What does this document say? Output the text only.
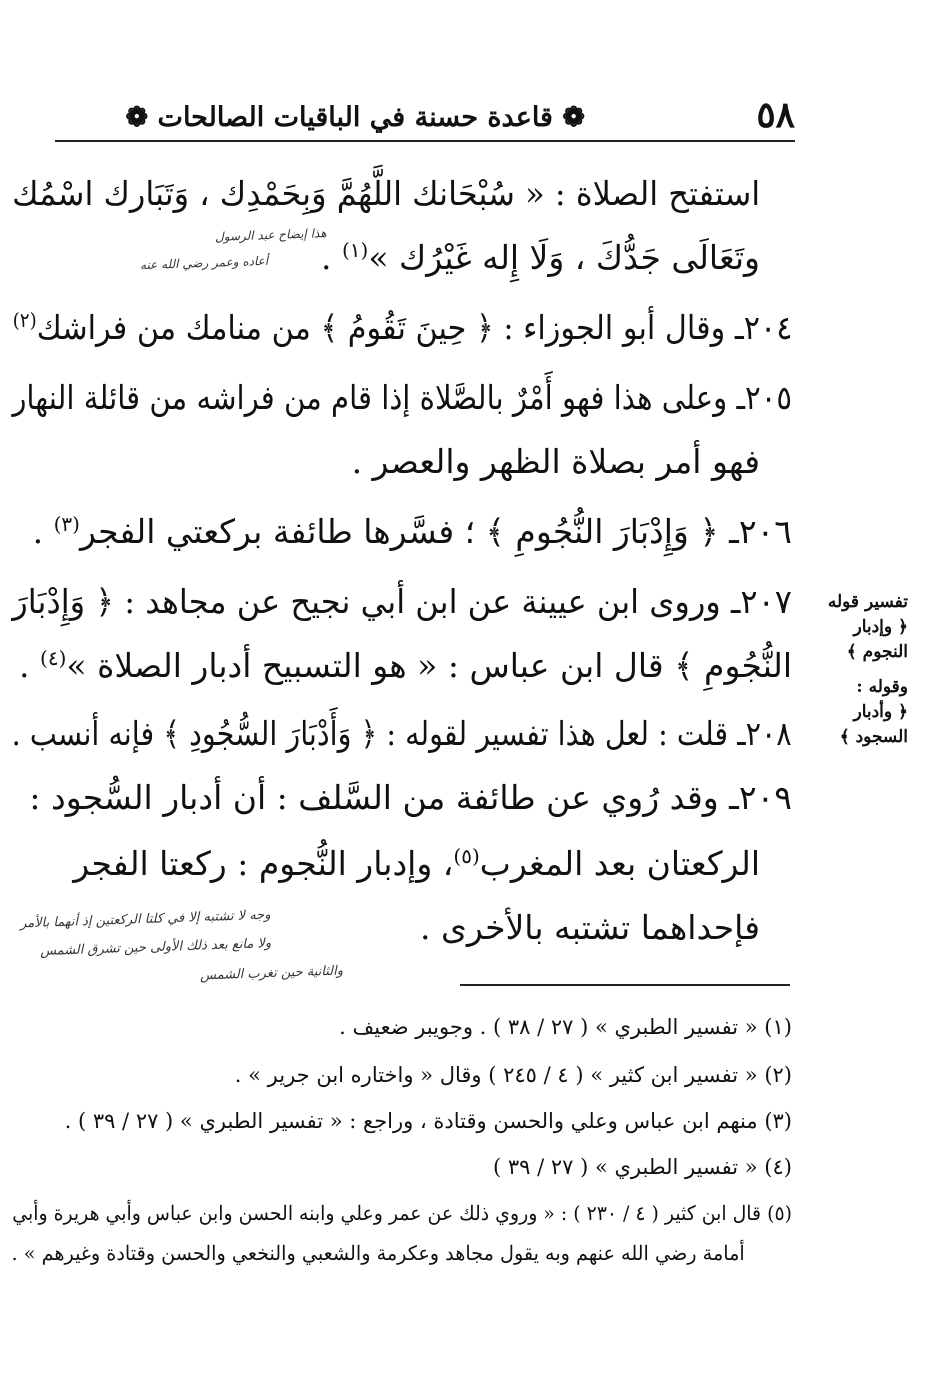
٥٨
❁ قاعدة حسنة في الباقيات الصالحات ❁
استفتح الصلاة : « سُبْحَانك اللَّهُمَّ وَبِحَمْدِك ، وَتَبَارك اسْمُك
وتَعَالَى جَدُّكَ ، وَلَا إِله غَيْرُك »$^{(١)}$ .
٢٠٤ـ وقال أبو الجوزاء : ﴿ حِينَ تَقُومُ ﴾ من منامك من فراشك$^{(٢)}$
٢٠٥ـ وعلى هذا فهو أَمْرٌ بالصَّلاة إذا قام من فراشه من قائلة النهار
فهو أمر بصلاة الظهر والعصر .
٢٠٦ـ ﴿ وَإِدْبَارَ النُّجُومِ ﴾ ؛ فسَّرها طائفة بركعتي الفجر$^{(٣)}$ .
٢٠٧ـ وروى ابن عيينة عن ابن أبي نجيح عن مجاهد : ﴿ وَإِدْبَارَ
النُّجُومِ ﴾ قال ابن عباس : « هو التسبيح أدبار الصلاة »$^{(٤)}$ .
٢٠٨ـ قلت : لعل هذا تفسير لقوله : ﴿ وَأَدْبَارَ السُّجُودِ ﴾ فإنه أنسب .
٢٠٩ـ وقد رُوي عن طائفة من السَّلف : أن أدبار السُّجود :
الركعتان بعد المغرب$^{(٥)}$، وإدبار النُّجوم : ركعتا الفجر
فإحداهما تشتبه بالأخرى .
تفسير قوله
﴿ وإدبار
النجوم ﴾
وقوله :
﴿ وأدبار
السجود ﴾
هذا إيضاح عبد الرسول
أعاده وعمر رضي الله عنه
وجه لا تشتبه إلا في كلتا الركعتين إذ أنهما بالأمر
ولا مانع بعد ذلك الأولى حين تشرق الشمس
والثانية حين تغرب الشمس
(١) « تفسير الطبري » ( ٢٧ / ٣٨ ) . وجويبر ضعيف .
(٢) « تفسير ابن كثير » ( ٤ / ٢٤٥ ) وقال « واختاره ابن جرير » .
(٣) منهم ابن عباس وعلي والحسن وقتادة ، وراجع : « تفسير الطبري » ( ٢٧ / ٣٩ ) .
(٤) « تفسير الطبري » ( ٢٧ / ٣٩ )
(٥) قال ابن كثير ( ٤ / ٢٣٠ ) : « وروي ذلك عن عمر وعلي وابنه الحسن وابن عباس وأبي هريرة وأبي
أمامة رضي الله عنهم وبه يقول مجاهد وعكرمة والشعبي والنخعي والحسن وقتادة وغيرهم » .
